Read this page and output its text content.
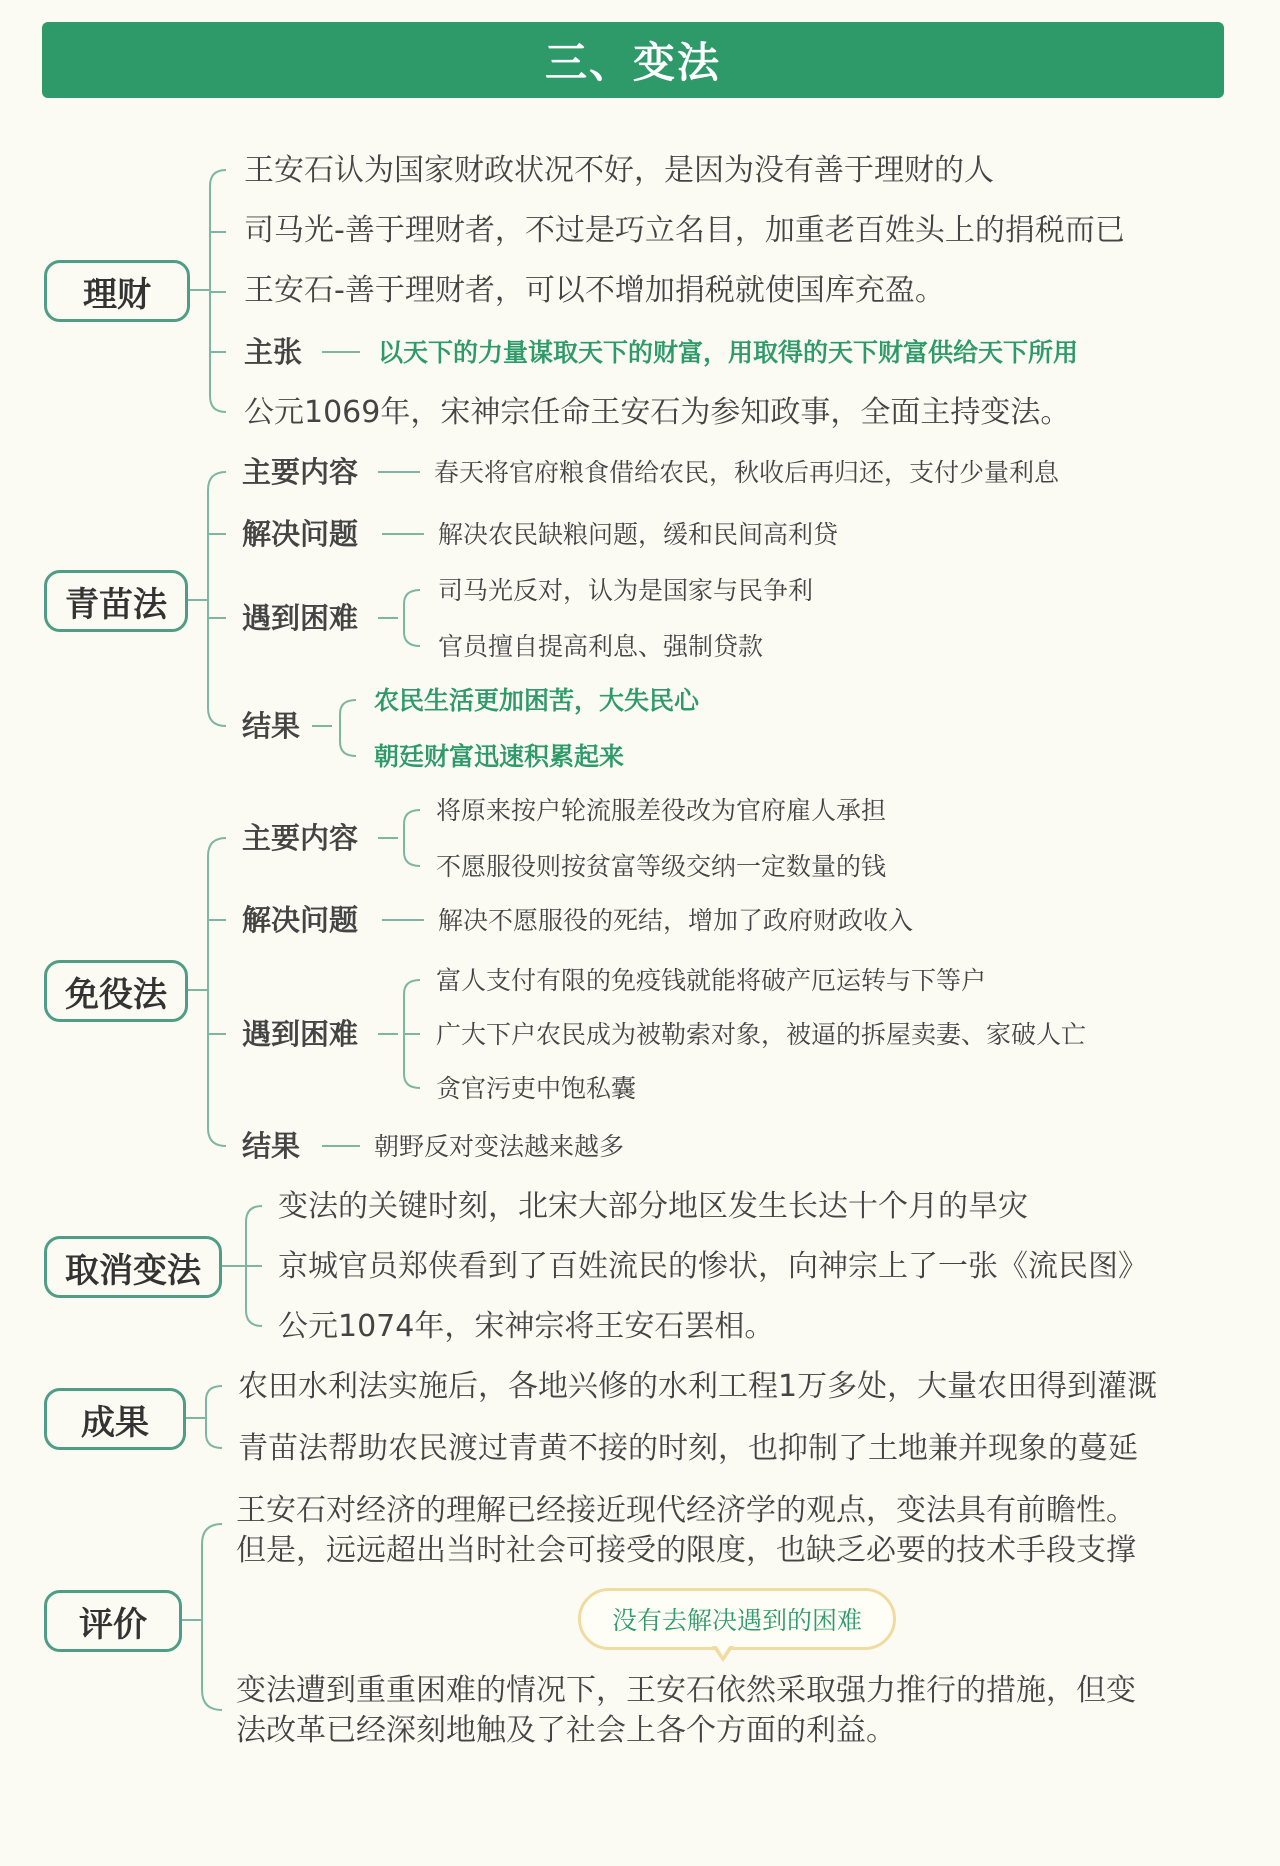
三、变法
理财
王安石认为国家财政状况不好，是因为没有善于理财的人
司马光-善于理财者，不过是巧立名目，加重老百姓头上的捐税而已
王安石-善于理财者，可以不增加捐税就使国库充盈。
主张	以天下的力量谋取天下的财富，用取得的天下财富供给天下所用
公元1069年，宋神宗任命王安石为参知政事，全面主持变法。
青苗法
主要内容	春天将官府粮食借给农民，秋收后再归还，支付少量利息
解决问题	解决农民缺粮问题，缓和民间高利贷
遇到困难
司马光反对，认为是国家与民争利
官员擅自提高利息、强制贷款
结果
农民生活更加困苦，大失民心
朝廷财富迅速积累起来
免役法
主要内容
将原来按户轮流服差役改为官府雇人承担
不愿服役则按贫富等级交纳一定数量的钱
解决问题	解决不愿服役的死结，增加了政府财政收入
遇到困难
富人支付有限的免疫钱就能将破产厄运转与下等户
广大下户农民成为被勒索对象，被逼的拆屋卖妻、家破人亡
贪官污吏中饱私囊
结果	朝野反对变法越来越多
取消变法
变法的关键时刻，北宋大部分地区发生长达十个月的旱灾
京城官员郑侠看到了百姓流民的惨状，向神宗上了一张《流民图》
公元1074年，宋神宗将王安石罢相。
成果
农田水利法实施后，各地兴修的水利工程1万多处，大量农田得到灌溉
青苗法帮助农民渡过青黄不接的时刻，也抑制了土地兼并现象的蔓延
评价
王安石对经济的理解已经接近现代经济学的观点，变法具有前瞻性。
但是，远远超出当时社会可接受的限度，也缺乏必要的技术手段支撑
没有去解决遇到的困难
变法遭到重重困难的情况下，王安石依然采取强力推行的措施，但变
法改革已经深刻地触及了社会上各个方面的利益。
